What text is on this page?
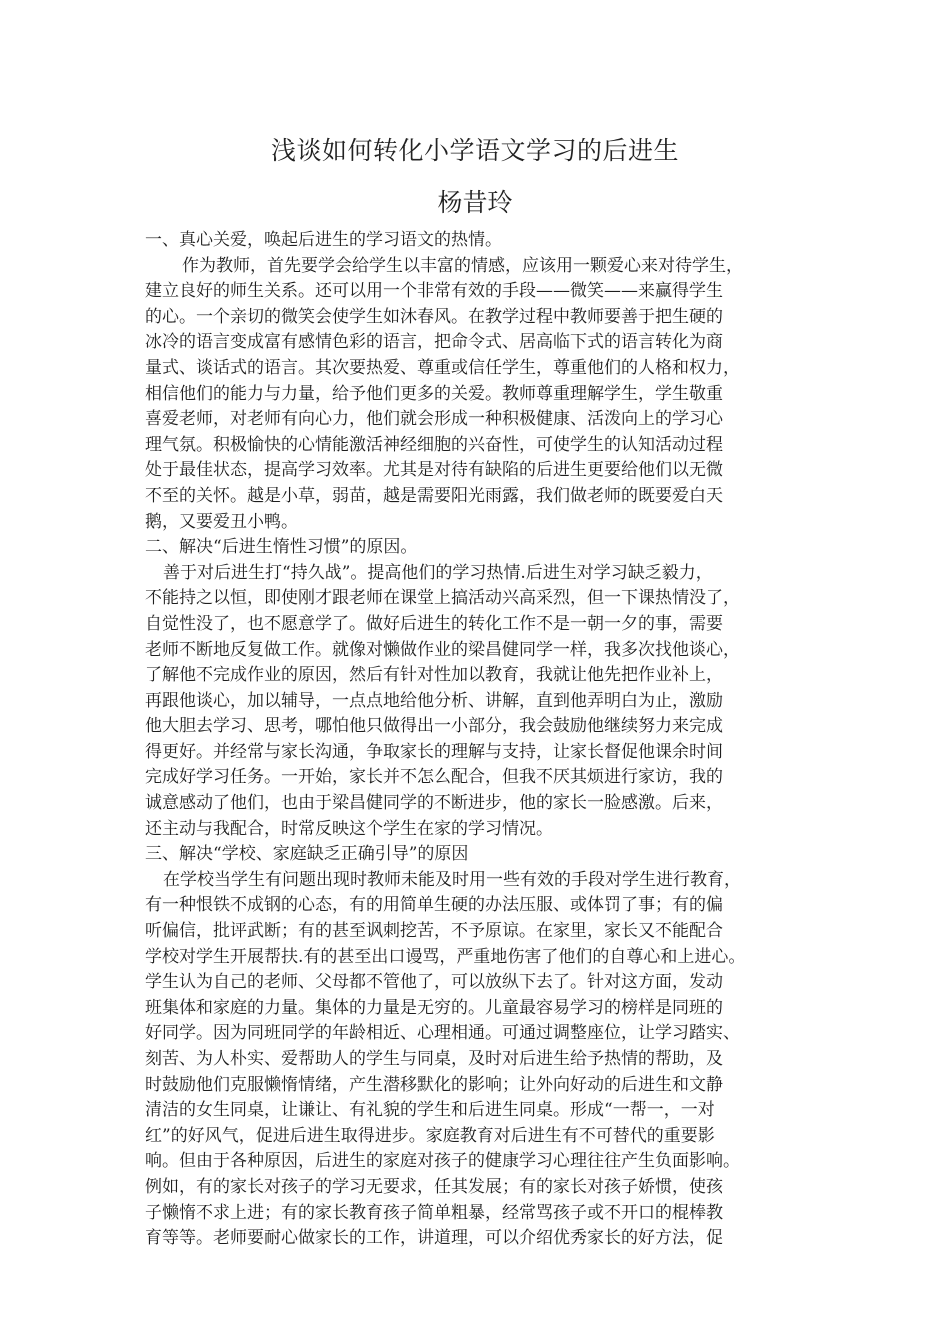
浅谈如何转化小学语文学习的后进生
杨昔玲
一、真心关爱，唤起后进生的学习语文的热情。
作为教师，首先要学会给学生以丰富的情感，应该用一颗爱心来对待学生，
建立良好的师生关系。还可以用一个非常有效的手段——微笑——来赢得学生
的心。一个亲切的微笑会使学生如沐春风。在教学过程中教师要善于把生硬的
冰冷的语言变成富有感情色彩的语言，把命令式、居高临下式的语言转化为商
量式、谈话式的语言。其次要热爱、尊重或信任学生，尊重他们的人格和权力，
相信他们的能力与力量，给予他们更多的关爱。教师尊重理解学生，学生敬重
喜爱老师，对老师有向心力，他们就会形成一种积极健康、活泼向上的学习心
理气氛。积极愉快的心情能激活神经细胞的兴奋性，可使学生的认知活动过程
处于最佳状态，提高学习效率。尤其是对待有缺陷的后进生更要给他们以无微
不至的关怀。越是小草，弱苗，越是需要阳光雨露，我们做老师的既要爱白天
鹅，又要爱丑小鸭。
二、解决“后进生惰性习惯”的原因。
善于对后进生打“持久战”。提高他们的学习热情.后进生对学习缺乏毅力，
不能持之以恒，即使刚才跟老师在课堂上搞活动兴高采烈，但一下课热情没了，
自觉性没了，也不愿意学了。做好后进生的转化工作不是一朝一夕的事，需要
老师不断地反复做工作。就像对懒做作业的梁昌健同学一样，我多次找他谈心，
了解他不完成作业的原因，然后有针对性加以教育，我就让他先把作业补上，
再跟他谈心，加以辅导，一点点地给他分析、讲解，直到他弄明白为止，激励
他大胆去学习、思考，哪怕他只做得出一小部分，我会鼓励他继续努力来完成
得更好。并经常与家长沟通，争取家长的理解与支持，让家长督促他课余时间
完成好学习任务。一开始，家长并不怎么配合，但我不厌其烦进行家访，我的
诚意感动了他们，也由于梁昌健同学的不断进步，他的家长一脸感激。后来，
还主动与我配合，时常反映这个学生在家的学习情况。
三、解决“学校、家庭缺乏正确引导”的原因
在学校当学生有问题出现时教师未能及时用一些有效的手段对学生进行教育，
有一种恨铁不成钢的心态，有的用简单生硬的办法压服、或体罚了事；有的偏
听偏信，批评武断；有的甚至讽刺挖苦，不予原谅。在家里，家长又不能配合
学校对学生开展帮扶.有的甚至出口谩骂，严重地伤害了他们的自尊心和上进心。
学生认为自己的老师、父母都不管他了，可以放纵下去了。针对这方面，发动
班集体和家庭的力量。集体的力量是无穷的。儿童最容易学习的榜样是同班的
好同学。因为同班同学的年龄相近、心理相通。可通过调整座位，让学习踏实、
刻苦、为人朴实、爱帮助人的学生与同桌，及时对后进生给予热情的帮助，及
时鼓励他们克服懒惰情绪，产生潜移默化的影响；让外向好动的后进生和文静
清洁的女生同桌，让谦让、有礼貌的学生和后进生同桌。形成“一帮一，一对
红”的好风气，促进后进生取得进步。家庭教育对后进生有不可替代的重要影
响。但由于各种原因，后进生的家庭对孩子的健康学习心理往往产生负面影响。
例如，有的家长对孩子的学习无要求，任其发展；有的家长对孩子娇惯，使孩
子懒惰不求上进；有的家长教育孩子简单粗暴，经常骂孩子或不开口的棍棒教
育等等。老师要耐心做家长的工作，讲道理，可以介绍优秀家长的好方法，促
